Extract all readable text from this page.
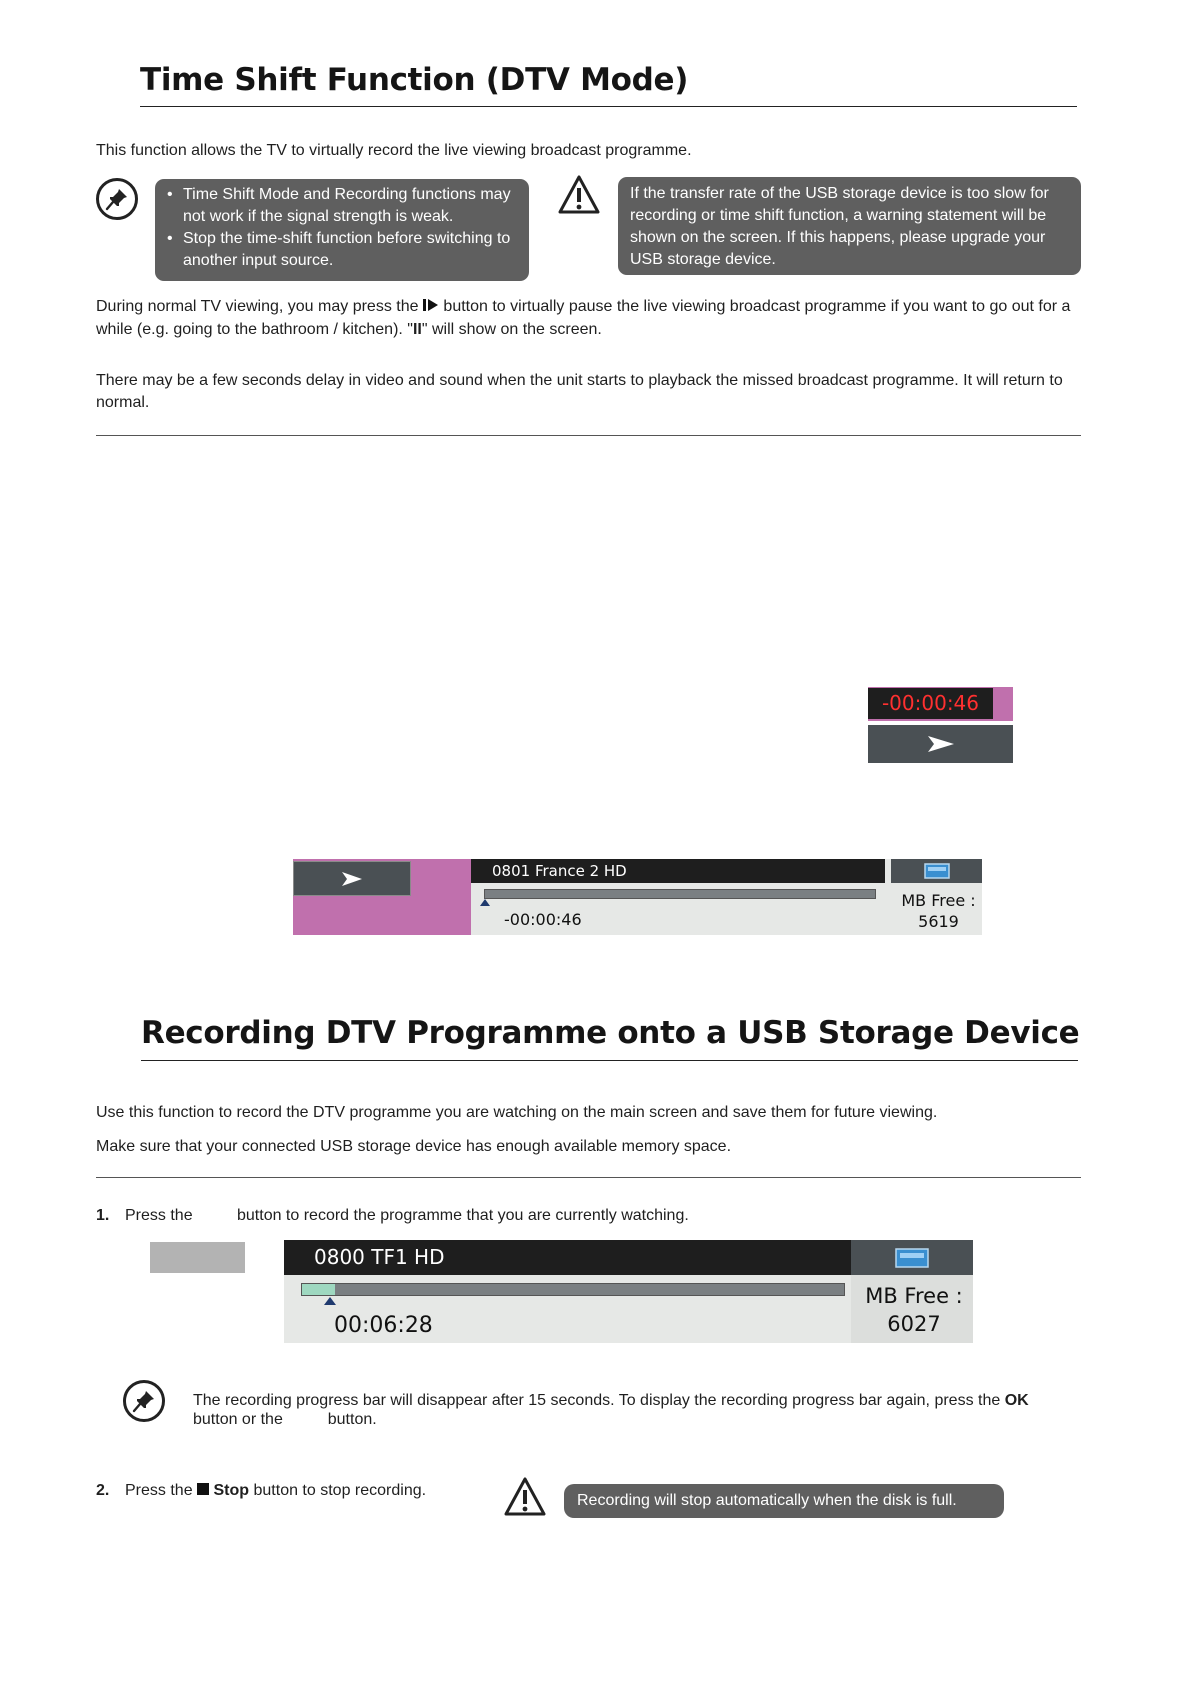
Time Shift Function (DTV Mode)
This function allows the TV to virtually record the live viewing broadcast programme.
• Time Shift Mode and Recording functions may not work if the signal strength is weak.
• Stop the time-shift function before switching to another input source.
If the transfer rate of the USB storage device is too slow for recording or time shift function, a warning statement will be shown on the screen. If this happens, please upgrade your USB storage device.
During normal TV viewing, you may press the button to virtually pause the live viewing broadcast programme if you want to go out for a while (e.g. going to the bathroom / kitchen). "II" will show on the screen.
There may be a few seconds delay in video and sound when the unit starts to playback the missed broadcast programme. It will return to normal.
-00:00:46
0801 France 2 HD
-00:00:46
MB Free :
5619
Recording DTV Programme onto a USB Storage Device
Use this function to record the DTV programme you are watching on the main screen and save them for future viewing.
Make sure that your connected USB storage device has enough available memory space.
1. Press the	button to record the programme that you are currently watching.
0800 TF1 HD
00:06:28
MB Free :
6027
The recording progress bar will disappear after 15 seconds. To display the recording progress bar again, press the OK
button or the	button.
2. Press the Stop button to stop recording.
Recording will stop automatically when the disk is full.
